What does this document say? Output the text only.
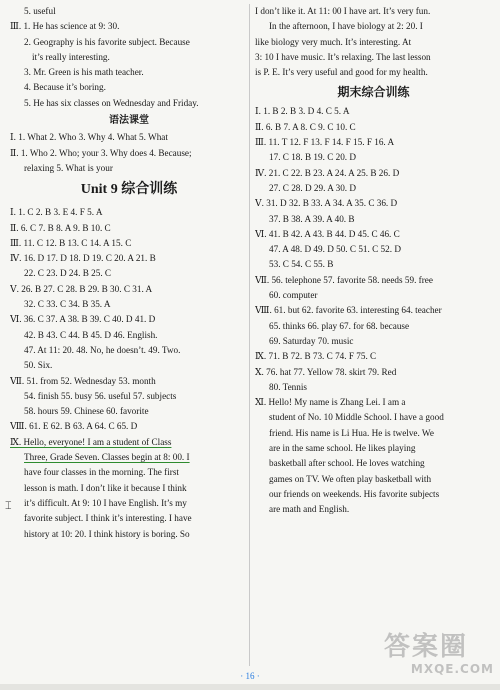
5. useful
Ⅲ. 1. He has science at 9: 30.
2. Geography is his favorite subject. Because
it’s really interesting.
3. Mr. Green is his math teacher.
4. Because it’s boring.
5. He has six classes on Wednesday and Friday.
语法课堂
Ⅰ. 1. What 2. Who 3. Why 4. What 5. What
Ⅱ. 1. Who 2. Who; your 3. Why does 4. Because;
relaxing 5. What is your
Unit 9 综合训练
Ⅰ. 1. C 2. B 3. E 4. F 5. A
Ⅱ. 6. C 7. B 8. A 9. B 10. C
Ⅲ. 11. C 12. B 13. C 14. A 15. C
Ⅳ. 16. D 17. D 18. D 19. C 20. A 21. B
22. C 23. D 24. B 25. C
Ⅴ. 26. B 27. C 28. B 29. B 30. C 31. A
32. C 33. C 34. B 35. A
Ⅵ. 36. C 37. A 38. B 39. C 40. D 41. D
42. B 43. C 44. B 45. D 46. English.
47. At 11: 20. 48. No, he doesn’t. 49. Two.
50. Six.
Ⅶ. 51. from 52. Wednesday 53. month
54. finish 55. busy 56. useful 57. subjects
58. hours 59. Chinese 60. favorite
Ⅷ. 61. E 62. B 63. A 64. C 65. D
Ⅸ. Hello, everyone! I am a student of Class
Three, Grade Seven. Classes begin at 8: 00. I
have four classes in the morning. The first
lesson is math. I don’t like it because I think
it’s difficult. At 9: 10 I have English. It’s my
favorite subject. I think it’s interesting. I have
history at 10: 20. I think history is boring. So
I don’t like it. At 11: 00 I have art. It’s very fun.
In the afternoon, I have biology at 2: 20. I
like biology very much. It’s interesting. At
3: 10 I have music. It’s relaxing. The last lesson
is P. E. It’s very useful and good for my health.
期末综合训练
Ⅰ. 1. B 2. B 3. D 4. C 5. A
Ⅱ. 6. B 7. A 8. C 9. C 10. C
Ⅲ. 11. T 12. F 13. F 14. F 15. F 16. A
17. C 18. B 19. C 20. D
Ⅳ. 21. C 22. B 23. A 24. A 25. B 26. D
27. C 28. D 29. A 30. D
Ⅴ. 31. D 32. B 33. A 34. A 35. C 36. D
37. B 38. A 39. A 40. B
Ⅵ. 41. B 42. A 43. B 44. D 45. C 46. C
47. A 48. D 49. D 50. C 51. C 52. D
53. C 54. C 55. B
Ⅶ. 56. telephone 57. favorite 58. needs 59. free
60. computer
Ⅷ. 61. but 62. favorite 63. interesting 64. teacher
65. thinks 66. play 67. for 68. because
69. Saturday 70. music
Ⅸ. 71. B 72. B 73. C 74. F 75. C
Ⅹ. 76. hat 77. Yellow 78. skirt 79. Red
80. Tennis
Ⅺ. Hello! My name is Zhang Lei. I am a
student of No. 10 Middle School. I have a good
friend. His name is Li Hua. He is twelve. We
are in the same school. He likes playing
basketball after school. He loves watching
games on TV. We often play basketball with
our friends on weekends. His favorite subjects
are math and English.
⌶
· 16 ·
答案圈
MXQE.COM
